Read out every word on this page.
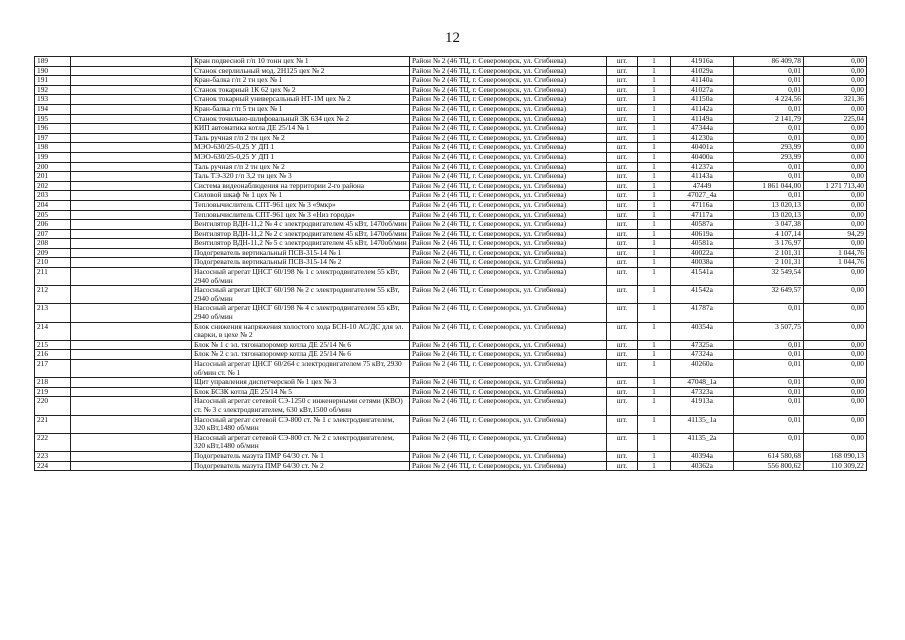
12
189		Кран подвесной г/п 10 тонн цех № 1	Район № 2 (46 ТЦ, г. Североморск, ул. Сгибнева)	шт.	1	41916a	86 409,78	0,00
190		Станок сверлильный мод. 2Н125 цех № 2	Район № 2 (46 ТЦ, г. Североморск, ул. Сгибнева)	шт.	1	41029a	0,01	0,00
191		Кран-балка г/п 2 тн цех № 1	Район № 2 (46 ТЦ, г. Североморск, ул. Сгибнева)	шт.	1	41140a	0,01	0,00
192		Станок токарный 1К 62 цех № 2	Район № 2 (46 ТЦ, г. Североморск, ул. Сгибнева)	шт.	1	41027a	0,01	0,00
193		Станок токарный универсальный НТ-1М цех № 2	Район № 2 (46 ТЦ, г. Североморск, ул. Сгибнева)	шт.	1	41150a	4 224,56	321,36
194		Кран-балка г/п 5 тн цех № 1	Район № 2 (46 ТЦ, г. Североморск, ул. Сгибнева)	шт.	1	41142a	0,01	0,00
195		Станок точильно-шлифовальный 3К 634 цех № 2	Район № 2 (46 ТЦ, г. Североморск, ул. Сгибнева)	шт.	1	41149a	2 141,79	225,04
196		КИП автоматика котла ДЕ 25/14 № 1	Район № 2 (46 ТЦ, г. Североморск, ул. Сгибнева)	шт.	1	47344a	0,01	0,00
197		Таль ручная г/п 2 тн цех № 2	Район № 2 (46 ТЦ, г. Североморск, ул. Сгибнева)	шт.	1	41230a	0,01	0,00
198		МЭО-630/25-0,25 У ДП 1	Район № 2 (46 ТЦ, г. Североморск, ул. Сгибнева)	шт.	1	40401a	293,99	0,00
199		МЭО-630/25-0,25 У ДП 1	Район № 2 (46 ТЦ, г. Североморск, ул. Сгибнева)	шт.	1	40400a	293,99	0,00
200		Таль ручная г/п 2 тн цех № 2	Район № 2 (46 ТЦ, г. Североморск, ул. Сгибнева)	шт.	1	41237a	0,01	0,00
201		Таль ТЭ-320 г/п 3,2 тн цех № 3	Район № 2 (46 ТЦ, г. Североморск, ул. Сгибнева)	шт.	1	41143a	0,01	0,00
202		Система видеонаблюдения на территории 2-го района	Район № 2 (46 ТЦ, г. Североморск, ул. Сгибнева)	шт.	1	47449	1 861 044,00	1 271 713,40
203		Силовой шкаф № 1 цех № 1	Район № 2 (46 ТЦ, г. Североморск, ул. Сгибнева)	шт.	1	47027_4a	0,01	0,00
204		Тепловычислитель СПТ-961 цех № 3 «9мкр»	Район № 2 (46 ТЦ, г. Североморск, ул. Сгибнева)	шт.	1	47116a	13 020,13	0,00
205		Тепловычислитель СПТ-961 цех № 3 «Низ города»	Район № 2 (46 ТЦ, г. Североморск, ул. Сгибнева)	шт.	1	47117a	13 020,13	0,00
206		Вентилятор ВДН-11,2 № 4 с электродвигателем 45 кВт, 1470об/мин	Район № 2 (46 ТЦ, г. Североморск, ул. Сгибнева)	шт.	1	40587a	3 047,38	0,00
207		Вентилятор ВДН-11,2 № 2 с электродвигателем 45 кВт, 1470об/мин	Район № 2 (46 ТЦ, г. Североморск, ул. Сгибнева)	шт.	1	40619a	4 107,14	94,29
208		Вентилятор ВДН-11,2 № 5 с электродвигателем 45 кВт, 1470об/мин	Район № 2 (46 ТЦ, г. Североморск, ул. Сгибнева)	шт.	1	40581a	3 176,97	0,00
209		Подогреватель вертикальный ПСВ-315-14 № 1	Район № 2 (46 ТЦ, г. Североморск, ул. Сгибнева)	шт.	1	40022a	2 101,31	1 044,76
210		Подогреватель вертикальный ПСВ-315-14 № 2	Район № 2 (46 ТЦ, г. Североморск, ул. Сгибнева)	шт.	1	40038a	2 101,31	1 044,76
211		Насосный агрегат ЦНСГ 60/198 № 1 с электродвигателем 55 кВт, 2940 об/мин	Район № 2 (46 ТЦ, г. Североморск, ул. Сгибнева)	шт.	1	41541a	32 549,54	0,00
212		Насосный агрегат ЦНСГ 60/198 № 2 с электродвигателем 55 кВт, 2940 об/мин	Район № 2 (46 ТЦ, г. Североморск, ул. Сгибнева)	шт.	1	41542a	32 649,57	0,00
213		Насосный агрегат ЦНСГ 60/198 № 4 с электродвигателем 55 кВт, 2940 об/мин	Район № 2 (46 ТЦ, г. Североморск, ул. Сгибнева)	шт.	1	41787a	0,01	0,00
214		Блок снижения напряжения холостого хода БСН-10 АС/ДС для эл. сварки, в цехе № 2	Район № 2 (46 ТЦ, г. Североморск, ул. Сгибнева)	шт.	1	40354a	3 507,75	0,00
215		Блок № 1 с эл. тягонапоромер котла ДЕ 25/14 № 6	Район № 2 (46 ТЦ, г. Североморск, ул. Сгибнева)	шт.	1	47325a	0,01	0,00
216		Блок № 2 с эл. тягонапоромер котла ДЕ 25/14 № 6	Район № 2 (46 ТЦ, г. Североморск, ул. Сгибнева)	шт.	1	47324a	0,01	0,00
217		Насосный агрегат ЦНСГ 60/264 с электродвигателем 75 кВт, 2930 об/мин ст. № 1	Район № 2 (46 ТЦ, г. Североморск, ул. Сгибнева)	шт.	1	40260a	0,01	0,00
218		Щит управления диспетчерской № 1 цех № 3	Район № 2 (46 ТЦ, г. Североморск, ул. Сгибнева)	шт.	1	47048_1a	0,01	0,00
219		Блок БСЗК котла ДЕ 25/14 № 5	Район № 2 (46 ТЦ, г. Североморск, ул. Сгибнева)	шт.	1	47323a	0,01	0,00
220		Насосный агрегат сетевой СЭ-1250 с инженерными сетями (КВО) ст. № 3 с электродвигателем, 630 кВт,1500 об/мин	Район № 2 (46 ТЦ, г. Североморск, ул. Сгибнева)	шт.	1	41913a	0,01	0,00
221		Насосный агрегат сетевой СЭ-800 ст. № 1 с электродвигателем, 320 кВт,1480 об/мин	Район № 2 (46 ТЦ, г. Североморск, ул. Сгибнева)	шт.	1	41135_1a	0,01	0,00
222		Насосный агрегат сетевой СЭ-800 ст. № 2 с электродвигателем, 320 кВт,1480 об/мин	Район № 2 (46 ТЦ, г. Североморск, ул. Сгибнева)	шт.	1	41135_2a	0,01	0,00
223		Подогреватель мазута ПМР 64/30 ст. № 1	Район № 2 (46 ТЦ, г. Североморск, ул. Сгибнева)	шт.	1	40394a	614 580,68	168 090,13
224		Подогреватель мазута ПМР 64/30 ст. № 2	Район № 2 (46 ТЦ, г. Североморск, ул. Сгибнева)	шт.	1	40362a	556 800,62	110 309,22
